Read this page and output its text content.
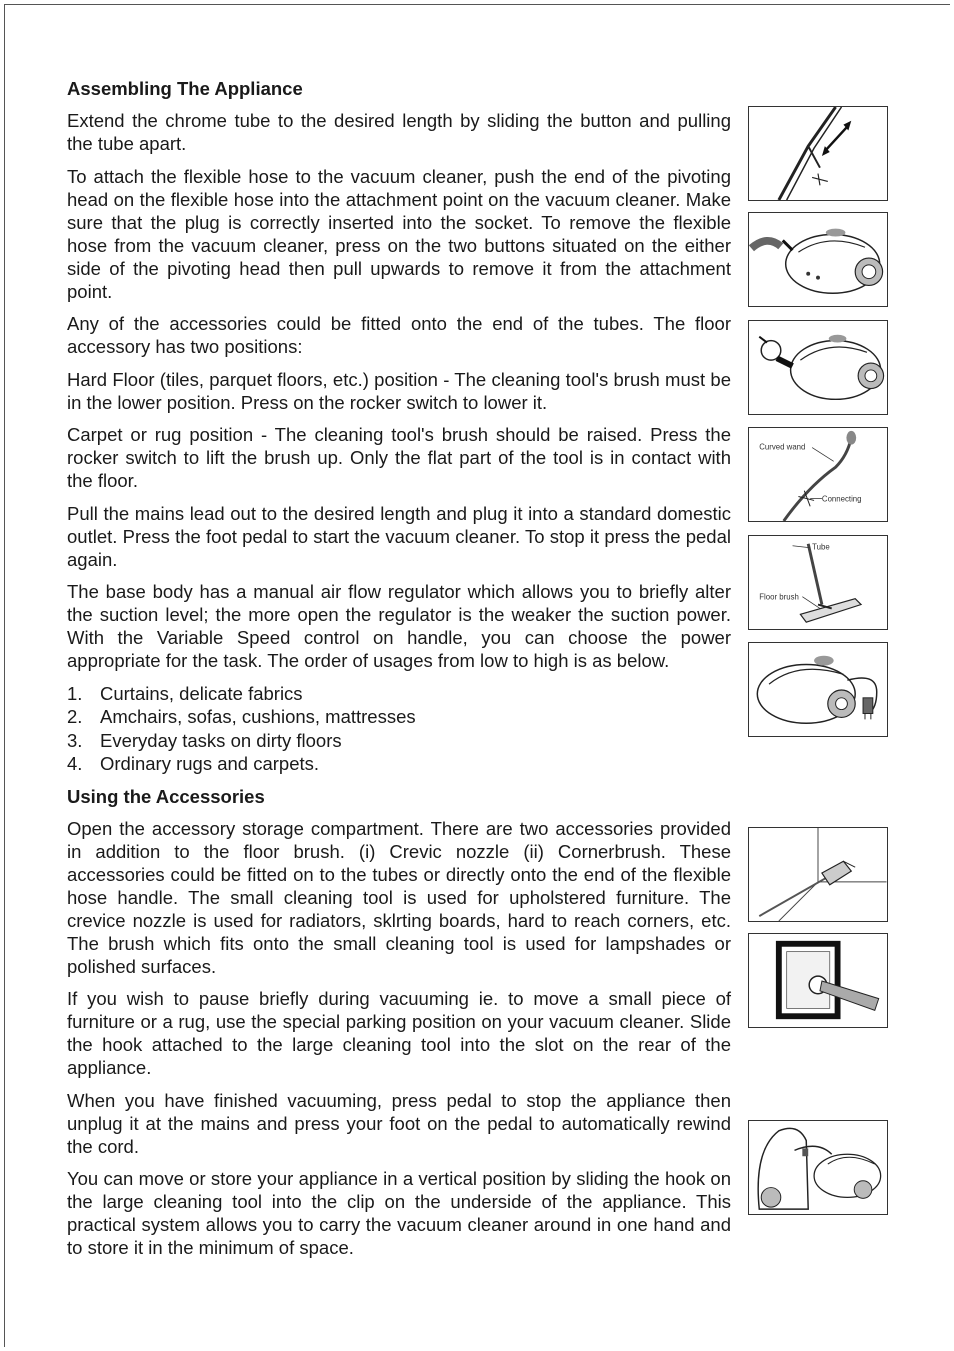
Assembling The Appliance

Extend the chrome tube to the desired length by sliding the button and pulling the tube apart.

To attach the flexible hose to the vacuum cleaner, push the end of the pivoting head on the flexible hose into the attachment point on the vacuum cleaner. Make sure that the plug is correctly inserted into the socket. To remove the flexible hose from the vacuum cleaner, press on the two buttons situated on the either side of the pivoting head then pull upwards to remove it from the attachment point.

Any of the accessories could be fitted onto the end of the tubes. The floor accessory has two positions:

Hard Floor (tiles, parquet floors, etc.) position - The cleaning tool's brush must be in the lower position. Press on the rocker switch to lower it.

Carpet or rug position - The cleaning tool's brush should be raised. Press the rocker switch to lift the brush up. Only the flat part of the tool is in contact with the floor.

Pull the mains lead out to the desired length and plug it into a standard domestic outlet. Press the foot pedal to start the vacuum cleaner. To stop it press the pedal again.

The base body has a manual air flow regulator which allows you to briefly alter the suction level; the more open the regulator is the weaker the suction power. With the Variable Speed control on handle, you can choose the power appropriate for the task. The order of usages from low to high is as below.

1. Curtains, delicate fabrics
2. Amchairs, sofas, cushions, mattresses
3. Everyday tasks on dirty floors
4. Ordinary rugs and carpets.
Using the Accessories

Open the accessory storage compartment. There are two accessories provided in addition to the floor brush. (i) Crevic nozzle (ii) Cornerbrush. These accessories could be fitted on to the tubes or directly onto the end of the flexible hose handle. The small cleaning tool is used for upholstered furniture. The crevice nozzle is used for radiators, sklrting boards, hard to reach corners, etc. The brush which fits onto the small cleaning tool is used for lampshades or polished surfaces.

If you wish to pause briefly during vacuuming ie. to move a small piece of furniture or a rug, use the special parking position on your vacuum cleaner. Slide the hook attached to the large cleaning tool into the slot on the rear of the appliance.

When you have finished vacuuming, press pedal to stop the appliance then unplug it at the mains and press your foot on the pedal to automatically rewind the cord.

You can move or store your appliance in a vertical position by sliding the hook on the large cleaning tool into the clip on the underside of the appliance. This practical system allows you to carry the vacuum cleaner around in one hand and to store it in the minimum of space.

Curved wand
Connecting
Tube
Floor brush
